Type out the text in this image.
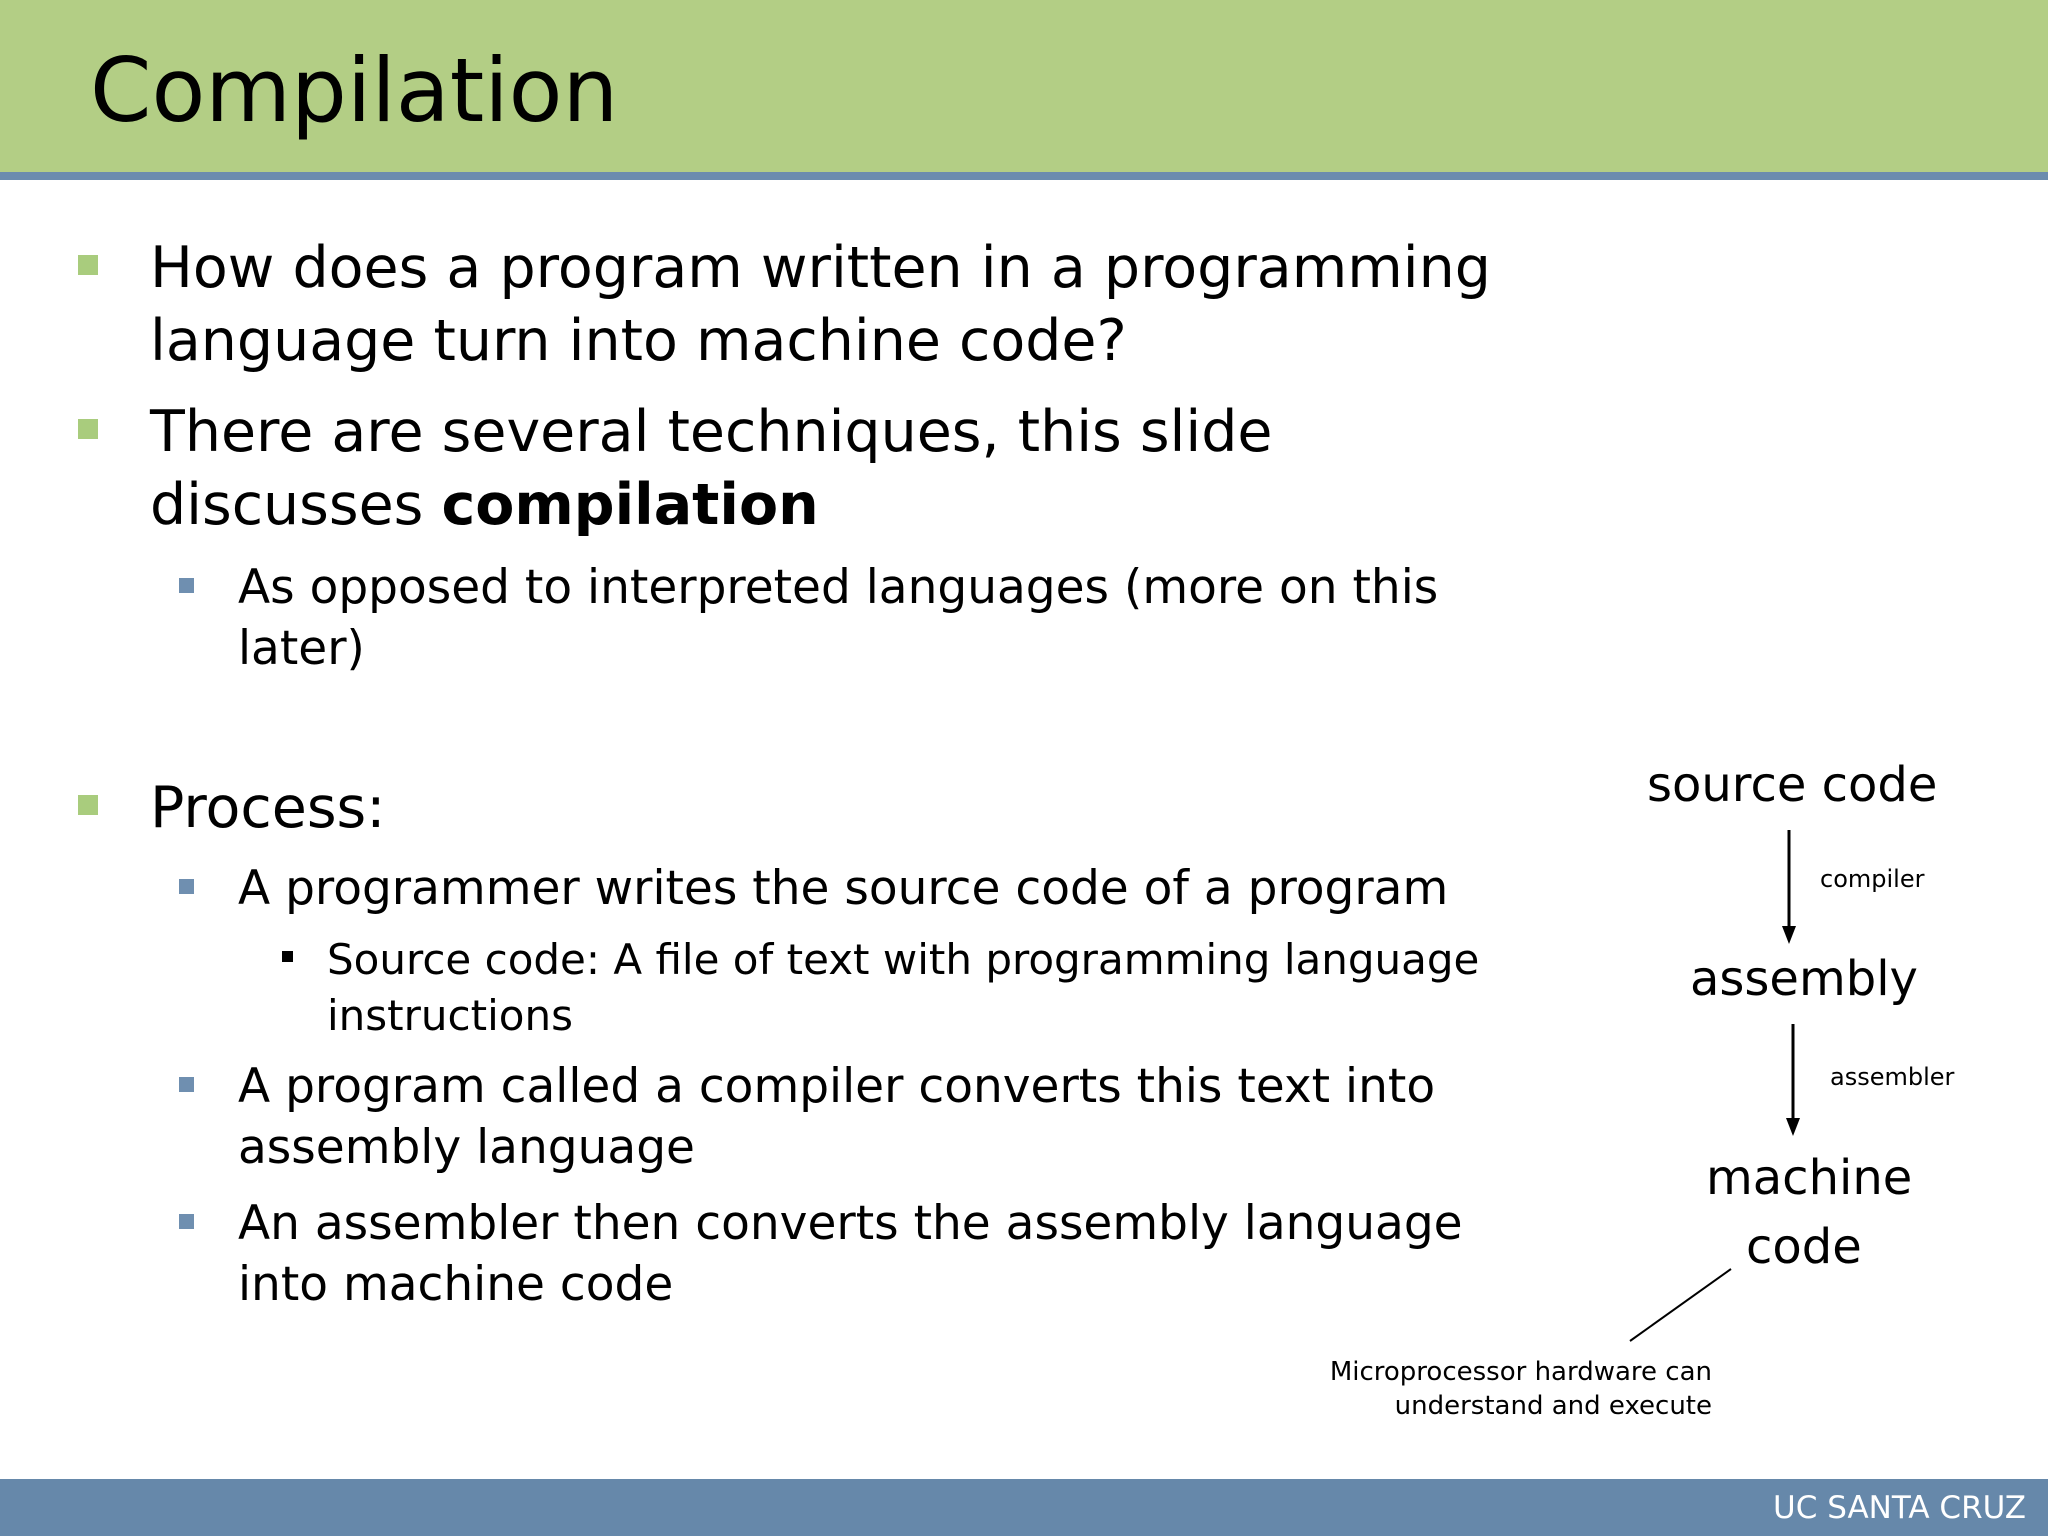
Compilation
How does a program written in a programming
language turn into machine code?
There are several techniques, this slide
discusses compilation
As opposed to interpreted languages (more on this
later)
Process:
A programmer writes the source code of a program
Source code: A file of text with programming language
instructions
A program called a compiler converts this text into
assembly language
An assembler then converts the assembly language
into machine code
source code
compiler
assembly
assembler
machine
code
Microprocessor hardware can
understand and execute
UC SANTA CRUZ
